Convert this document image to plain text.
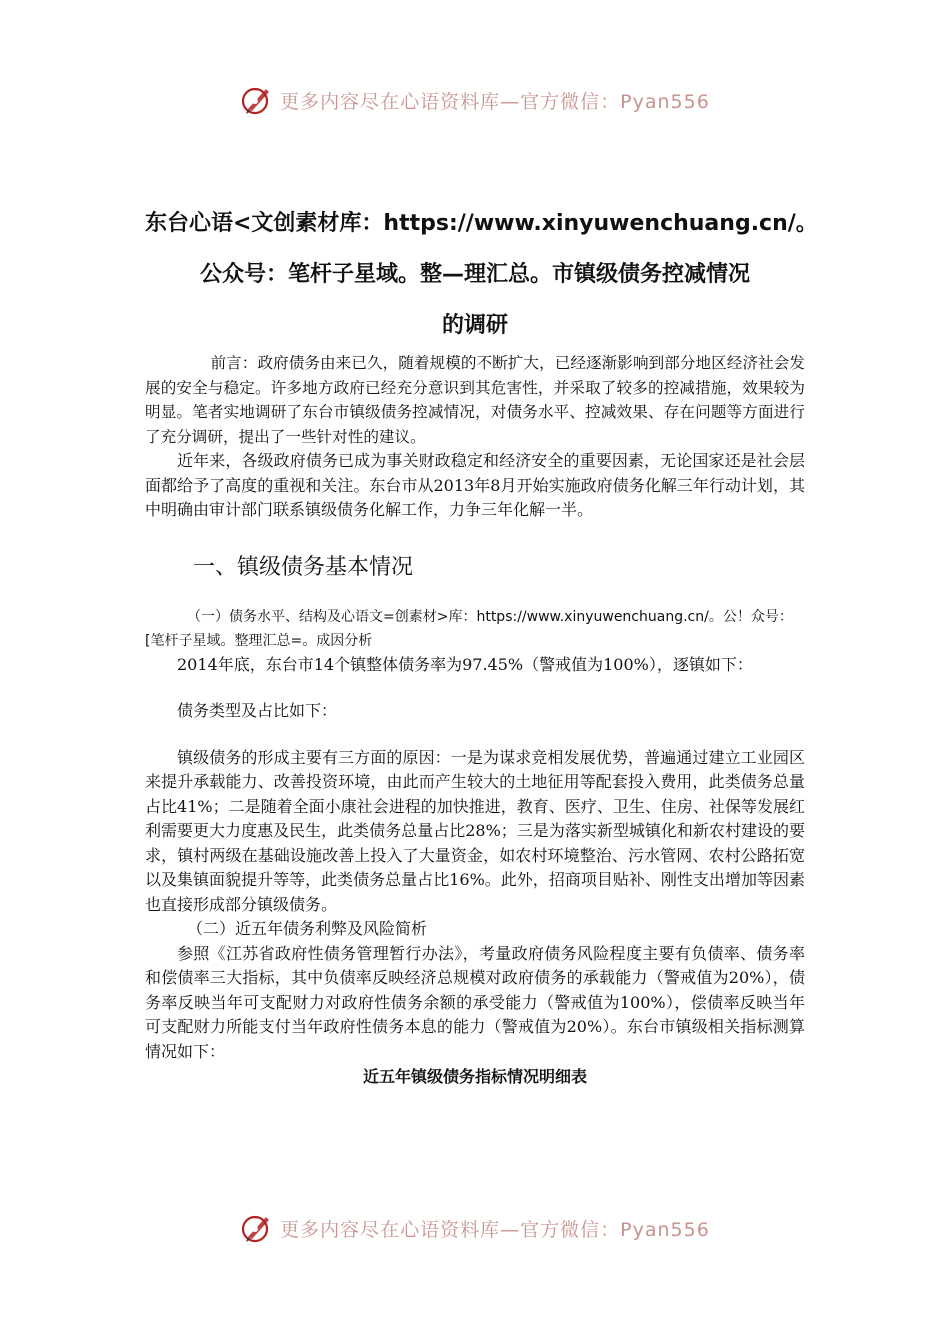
更多内容尽在心语资料库—官方微信：Pyan556

东台心语<文创素材库：https://www.xinyuwenchuang.cn/。

公众号：笔杆子星域。整—理汇总。市镇级债务控减情况

的调研

前言：政府债务由来已久，随着规模的不断扩大，已经逐渐影响到部分地区经济社会发展的安全与稳定。许多地方政府已经充分意识到其危害性，并采取了较多的控减措施，效果较为明显。笔者实地调研了东台市镇级债务控减情况，对债务水平、控减效果、存在问题等方面进行了充分调研，提出了一些针对性的建议。

近年来，各级政府债务已成为事关财政稳定和经济安全的重要因素，无论国家还是社会层面都给予了高度的重视和关注。东台市从2013年8月开始实施政府债务化解三年行动计划，其中明确由审计部门联系镇级债务化解工作，力争三年化解一半。

一、镇级债务基本情况

（一）债务水平、结构及心语文=创素材>库：https://www.xinyuwenchuang.cn/。公！众号：[笔杆子星域。整理汇总=。成因分析

2014年底，东台市14个镇整体债务率为97.45%（警戒值为100%），逐镇如下：

债务类型及占比如下：

镇级债务的形成主要有三方面的原因：一是为谋求竞相发展优势，普遍通过建立工业园区来提升承载能力、改善投资环境，由此而产生较大的土地征用等配套投入费用，此类债务总量占比41%；二是随着全面小康社会进程的加快推进，教育、医疗、卫生、住房、社保等发展红利需要更大力度惠及民生，此类债务总量占比28%；三是为落实新型城镇化和新农村建设的要求，镇村两级在基础设施改善上投入了大量资金，如农村环境整治、污水管网、农村公路拓宽以及集镇面貌提升等等，此类债务总量占比16%。此外，招商项目贴补、刚性支出增加等因素也直接形成部分镇级债务。

（二）近五年债务利弊及风险简析

参照《江苏省政府性债务管理暂行办法》，考量政府债务风险程度主要有负债率、债务率和偿债率三大指标，其中负债率反映经济总规模对政府债务的承载能力（警戒值为20%），债务率反映当年可支配财力对政府性债务余额的承受能力（警戒值为100%），偿债率反映当年可支配财力所能支付当年政府性债务本息的能力（警戒值为20%）。东台市镇级相关指标测算情况如下：

近五年镇级债务指标情况明细表

更多内容尽在心语资料库—官方微信：Pyan556
